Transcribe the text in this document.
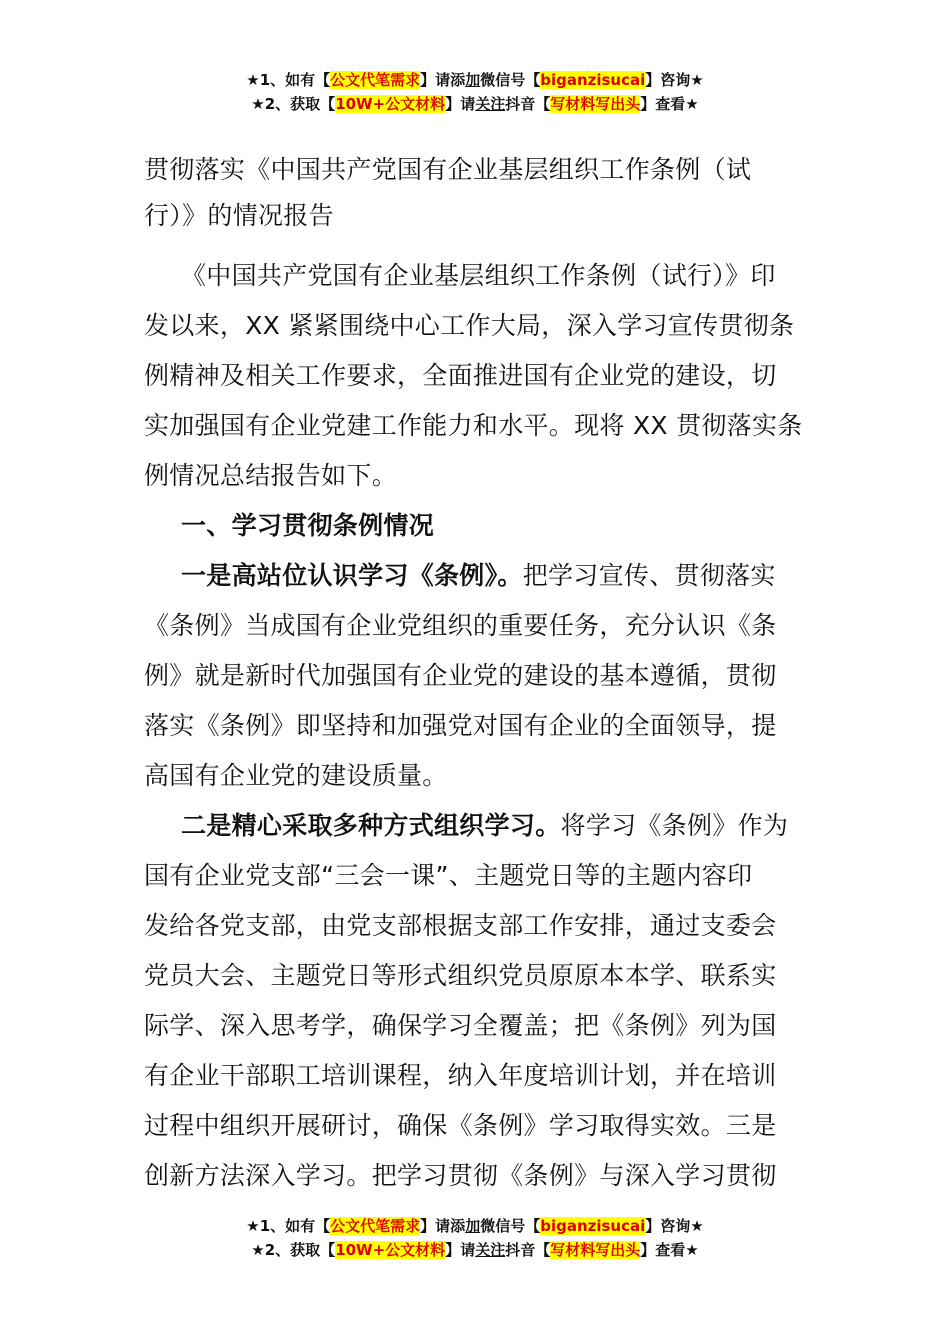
★1、如有【公文代笔需求】请添加微信号【biganzisucai】咨询★
★2、获取【10W+公文材料】请关注抖音【写材料写出头】查看★
贯彻落实《中国共产党国有企业基层组织工作条例（试
行）》的情况报告
《中国共产党国有企业基层组织工作条例（试行）》印
发以来，XX 紧紧围绕中心工作大局，深入学习宣传贯彻条
例精神及相关工作要求，全面推进国有企业党的建设，切
实加强国有企业党建工作能力和水平。现将 XX 贯彻落实条
例情况总结报告如下。
一、学习贯彻条例情况
一是高站位认识学习《条例》。把学习宣传、贯彻落实
《条例》当成国有企业党组织的重要任务，充分认识《条
例》就是新时代加强国有企业党的建设的基本遵循，贯彻
落实《条例》即坚持和加强党对国有企业的全面领导，提
高国有企业党的建设质量。
二是精心采取多种方式组织学习。将学习《条例》作为
国有企业党支部“三会一课”、主题党日等的主题内容印
发给各党支部，由党支部根据支部工作安排，通过支委会
党员大会、主题党日等形式组织党员原原本本学、联系实
际学、深入思考学，确保学习全覆盖；把《条例》列为国
有企业干部职工培训课程，纳入年度培训计划，并在培训
过程中组织开展研讨，确保《条例》学习取得实效。三是
创新方法深入学习。把学习贯彻《条例》与深入学习贯彻
★1、如有【公文代笔需求】请添加微信号【biganzisucai】咨询★
★2、获取【10W+公文材料】请关注抖音【写材料写出头】查看★
